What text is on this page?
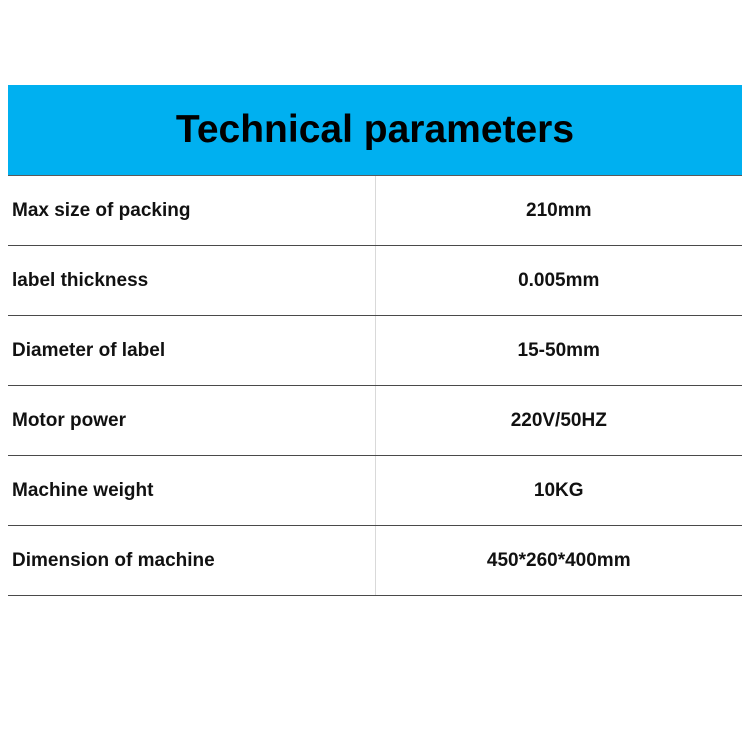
Technical parameters	
Max size of packing	210mm
label thickness	0.005mm
Diameter of label	15-50mm
Motor power	220V/50HZ
Machine weight	10KG
Dimension of machine	450*260*400mm
